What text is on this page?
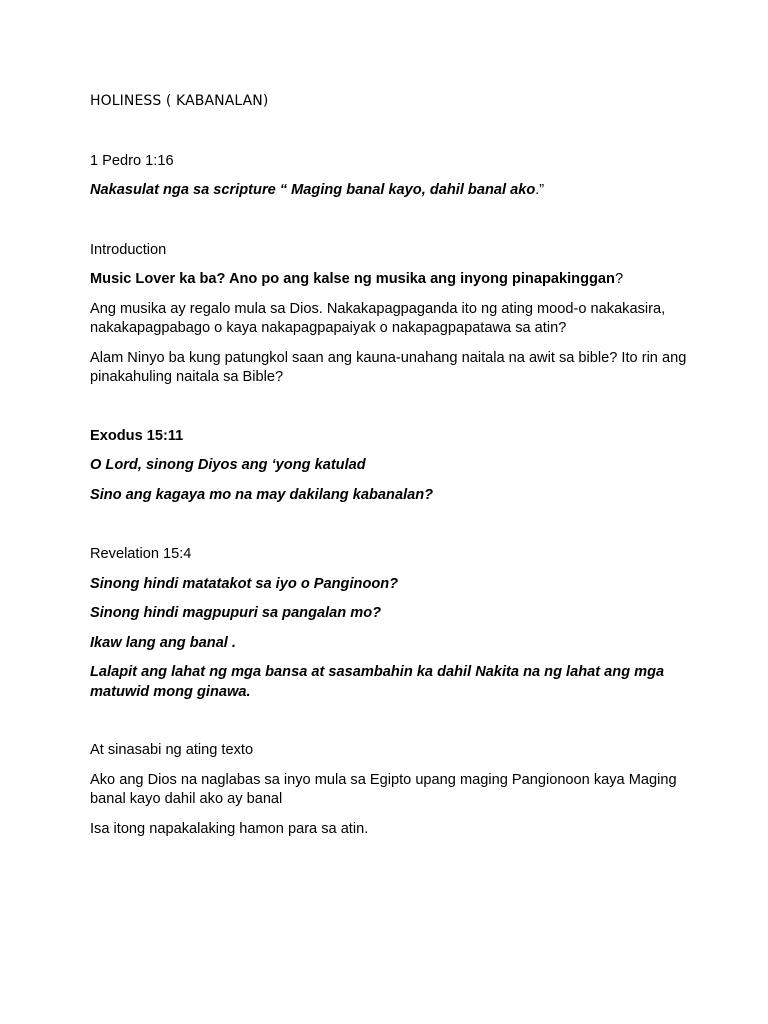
HOLINESS ( KABANALAN)

1 Pedro 1:16

Nakasulat nga sa scripture “ Maging banal kayo, dahil banal ako.”

Introduction

Music Lover ka ba? Ano po ang kalse ng musika ang inyong pinapakinggan?

Ang musika ay regalo mula sa Dios. Nakakapagpaganda ito ng ating mood-o nakakasira, nakakapagpabago o kaya nakapagpapaiyak o nakapagpapatawa sa atin?

Alam Ninyo ba kung patungkol saan ang kauna-unahang naitala na awit sa bible? Ito rin ang pinakahuling naitala sa Bible?

Exodus 15:11

O Lord, sinong Diyos ang ‘yong katulad

Sino ang kagaya mo na may dakilang kabanalan?

Revelation 15:4

Sinong hindi matatakot sa iyo o Panginoon?

Sinong hindi magpupuri sa pangalan mo?

Ikaw lang ang banal .

Lalapit ang lahat ng mga bansa at sasambahin ka dahil Nakita na ng lahat ang mga matuwid mong ginawa.

At sinasabi ng ating texto

Ako ang Dios na naglabas sa inyo mula sa Egipto upang maging Pangionoon kaya Maging banal kayo dahil ako ay banal

Isa itong napakalaking hamon para sa atin.
